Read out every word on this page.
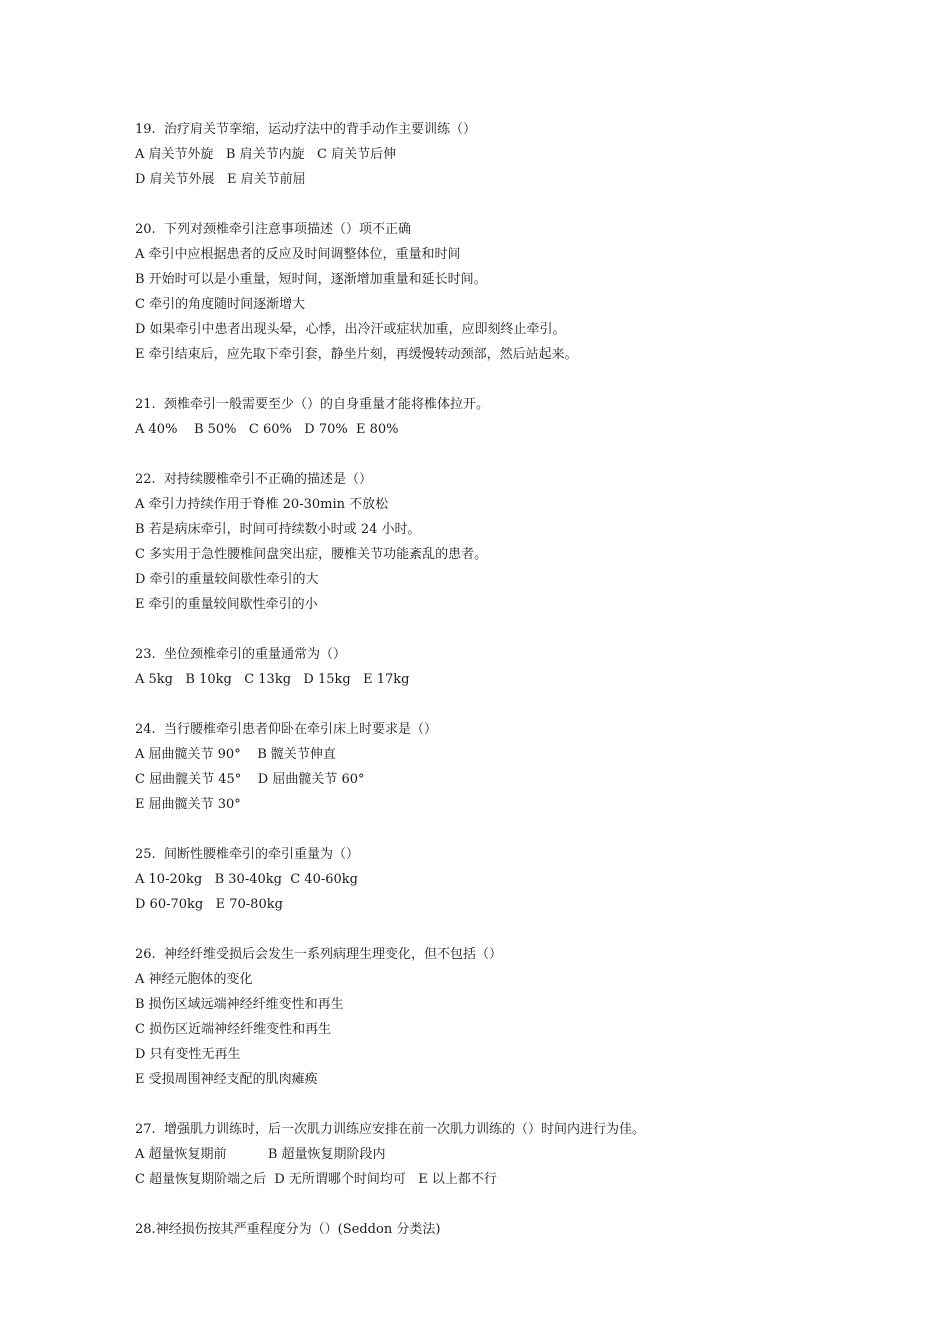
19.  治疗肩关节挛缩，运动疗法中的背手动作主要训练（）
A 肩关节外旋   B 肩关节内旋   C 肩关节后伸
D 肩关节外展   E 肩关节前屈
20.  下列对颈椎牵引注意事项描述（）项不正确
A 牵引中应根据患者的反应及时间调整体位，重量和时间
B 开始时可以是小重量，短时间，逐渐增加重量和延长时间。
C 牵引的角度随时间逐渐增大
D 如果牵引中患者出现头晕，心悸，出冷汗或症状加重，应即刻终止牵引。
E 牵引结束后，应先取下牵引套，静坐片刻，再缓慢转动颈部，然后站起来。
21.  颈椎牵引一般需要至少（）的自身重量才能将椎体拉开。
A 40%    B 50%   C 60%   D 70%  E 80%
22.  对持续腰椎牵引不正确的描述是（）
A 牵引力持续作用于脊椎 20-30min 不放松
B 若是病床牵引，时间可持续数小时或 24 小时。
C 多实用于急性腰椎间盘突出症，腰椎关节功能紊乱的患者。
D 牵引的重量较间歇性牵引的大
E 牵引的重量较间歇性牵引的小
23.  坐位颈椎牵引的重量通常为（）
A 5kg   B 10kg   C 13kg   D 15kg   E 17kg
24.  当行腰椎牵引患者仰卧在牵引床上时要求是（）
A 屈曲髋关节 90°    B 髋关节伸直
C 屈曲髋关节 45°    D 屈曲髋关节 60°
E 屈曲髋关节 30°
25.  间断性腰椎牵引的牵引重量为（）
A 10-20kg   B 30-40kg  C 40-60kg
D 60-70kg   E 70-80kg
26.  神经纤维受损后会发生一系列病理生理变化，但不包括（）
A 神经元胞体的变化
B 损伤区域远端神经纤维变性和再生
C 损伤区近端神经纤维变性和再生
D 只有变性无再生
E 受损周围神经支配的肌肉瘫痪
27.  增强肌力训练时，后一次肌力训练应安排在前一次肌力训练的（）时间内进行为佳。
A 超量恢复期前          B 超量恢复期阶段内
C 超量恢复期阶端之后  D 无所谓哪个时间均可   E 以上都不行
28.神经损伤按其严重程度分为（）(Seddon 分类法)
